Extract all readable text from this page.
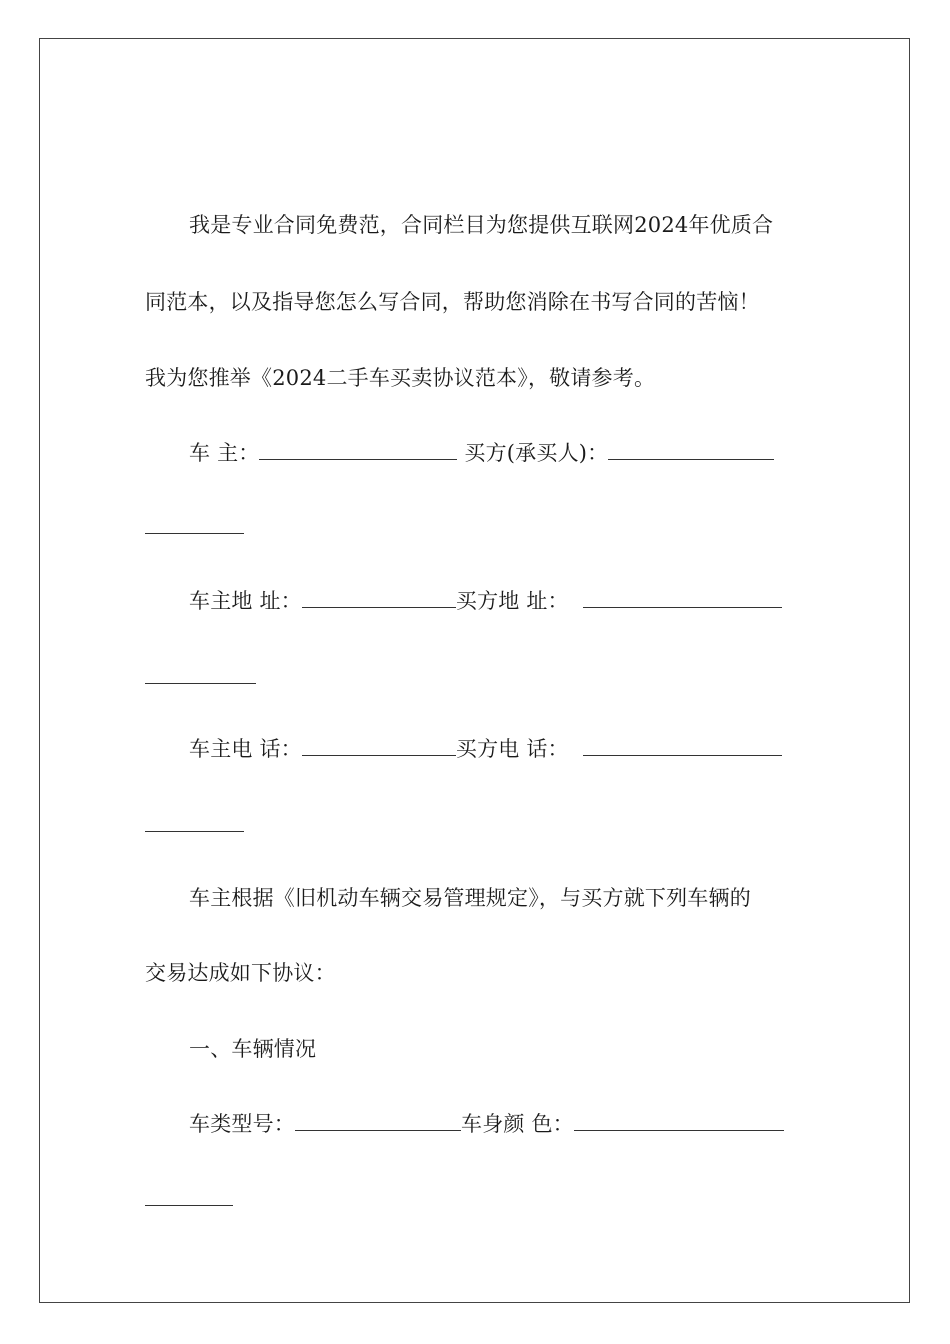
我是专业合同免费范，合同栏目为您提供互联网2024年优质合
同范本，以及指导您怎么写合同，帮助您消除在书写合同的苦恼！
我为您推举《2024二手车买卖协议范本》，敬请参考。
车 主：	买方(承买人)：
车主地 址：	买方地 址：
车主电 话：	买方电 话：
车主根据《旧机动车辆交易管理规定》，与买方就下列车辆的
交易达成如下协议：
一、车辆情况
车类型号：	车身颜 色：
